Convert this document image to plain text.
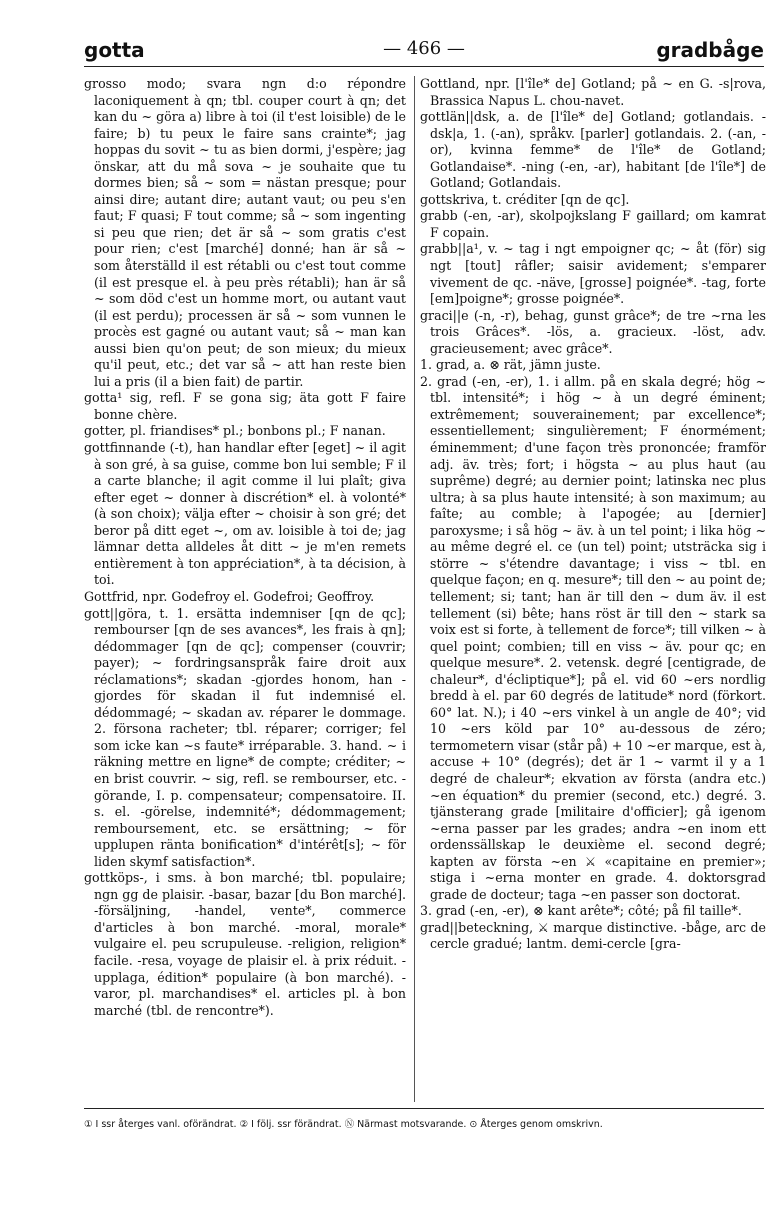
gotta	— 466 —	gradbåge

grosso modo; svara ngn d:o répondre laconiquement à qn; tbl. couper court à qn; det kan du ~ göra a) libre à toi (il t'est loisible) de le faire; b) tu peux le faire sans crainte*; jag hoppas du sovit ~ tu as bien dormi, j'espère; jag önskar, att du må sova ~ je souhaite que tu dormes bien; så ~ som = nästan presque; pour ainsi dire; autant dire; autant vaut; ou peu s'en faut; F quasi; F tout comme; så ~ som ingenting si peu que rien; det är så ~ som gratis c'est pour rien; c'est [marché] donné; han är så ~ som återställd il est rétabli ou c'est tout comme (il est presque el. à peu près rétabli); han är så ~ som död c'est un homme mort, ou autant vaut (il est perdu); processen är så ~ som vunnen le procès est gagné ou autant vaut; så ~ man kan aussi bien qu'on peut; de son mieux; du mieux qu'il peut, etc.; det var så ~ att han reste bien lui a pris (il a bien fait) de partir.

gotta¹ sig, refl. F se gona sig; äta gott F faire bonne chère.

gotter, pl. friandises* pl.; bonbons pl.; F nanan.

gottfinnande (-t), han handlar efter [eget] ~ il agit à son gré, à sa guise, comme bon lui semble; F il a carte blanche; il agit comme il lui plaît; giva efter eget ~ donner à discrétion* el. à volonté* (à son choix); välja efter ~ choisir à son gré; det beror på ditt eget ~, om av. loisible à toi de; jag lämnar detta alldeles åt ditt ~ je m'en remets entièrement à ton appréciation*, à ta décision, à toi.

Gottfrid, npr. Godefroy el. Godefroi; Geoffroy.

gott||göra, t. 1. ersätta indemniser [qn de qc]; rembourser [qn de ses avances*, les frais à qn]; dédommager [qn de qc]; compenser (couvrir; payer); ~ fordringsanspråk faire droit aux réclamations*; skadan -gjordes honom, han -gjordes för skadan il fut indemnisé el. dédommagé; ~ skadan av. réparer le dommage. 2. försona racheter; tbl. réparer; corriger; fel som icke kan ~s faute* irréparable. 3. hand. ~ i räkning mettre en ligne* de compte; créditer; ~ en brist couvrir. ~ sig, refl. se rembourser, etc. -görande, I. p. compensateur; compensatoire. II. s. el. -görelse, indemnité*; dédommagement; remboursement, etc. se ersättning; ~ för upplupen ränta bonification* d'intérêt[s]; ~ för liden skymf satisfaction*.

gottköps-, i sms. à bon marché; tbl. populaire; ngn gg de plaisir. -basar, bazar [du Bon marché]. -försäljning, -handel, vente*, commerce d'articles à bon marché. -moral, morale* vulgaire el. peu scrupuleuse. -religion, religion* facile. -resa, voyage de plaisir el. à prix réduit. -upplaga, édition* populaire (à bon marché). -varor, pl. marchandises* el. articles pl. à bon marché (tbl. de rencontre*).

Gottland, npr. [l'île* de] Gotland; på ~ en G. -s|rova, Brassica Napus L. chou-navet.

gottlän||dsk, a. de [l'île* de] Gotland; gotlandais. -dsk|a, 1. (-an), språkv. [parler] gotlandais. 2. (-an, -or), kvinna femme* de l'île* de Gotland; Gotlandaise*. -ning (-en, -ar), habitant [de l'île*] de Gotland; Gotlandais.

gottskriva, t. créditer [qn de qc].

grabb (-en, -ar), skolpojkslang F gaillard; om kamrat F copain.

grabb||a¹, v. ~ tag i ngt empoigner qc; ~ åt (för) sig ngt [tout] râfler; saisir avidement; s'emparer vivement de qc. -näve, [grosse] poignée*. -tag, forte [em]poigne*; grosse poignée*.

graci||e (-n, -r), behag, gunst grâce*; de tre ~rna les trois Grâces*. -lös, a. gracieux. -löst, adv. gracieusement; avec grâce*.

1. grad, a. ⊗ rät, jämn juste.

2. grad (-en, -er), 1. i allm. på en skala degré; hög ~ tbl. intensité*; i hög ~ à un degré éminent; extrêmement; souverainement; par excellence*; essentiellement; singulièrement; F énormément; éminemment; d'une façon très prononcée; framför adj. äv. très; fort; i högsta ~ au plus haut (au suprême) degré; au dernier point; latinska nec plus ultra; à sa plus haute intensité; à son maximum; au faîte; au comble; à l'apogée; au [dernier] paroxysme; i så hög ~ äv. à un tel point; i lika hög ~ au même degré el. ce (un tel) point; utsträcka sig i större ~ s'étendre davantage; i viss ~ tbl. en quelque façon; en q. mesure*; till den ~ au point de; tellement; si; tant; han är till den ~ dum äv. il est tellement (si) bête; hans röst är till den ~ stark sa voix est si forte, à tellement de force*; till vilken ~ à quel point; combien; till en viss ~ äv. pour qc; en quelque mesure*. 2. vetensk. degré [centigrade, de chaleur*, d'écliptique*]; på el. vid 60 ~ers nordlig bredd à el. par 60 degrés de latitude* nord (förkort. 60° lat. N.); i 40 ~ers vinkel à un angle de 40°; vid 10 ~ers köld par 10° au-dessous de zéro; termometern visar (står på) + 10 ~er marque, est à, accuse + 10° (degrés); det är 1 ~ varmt il y a 1 degré de chaleur*; ekvation av första (andra etc.) ~en équation* du premier (second, etc.) degré. 3. tjänsterang grade [militaire d'officier]; gå igenom ~erna passer par les grades; andra ~en inom ett ordenssällskap le deuxième el. second degré; kapten av första ~en ⚔ «capitaine en premier»; stiga i ~erna monter en grade. 4. doktorsgrad grade de docteur; taga ~en passer son doctorat.

3. grad (-en, -er), ⊗ kant arête*; côté; på fil taille*.

grad||beteckning, ⚔ marque distinctive. -båge, arc de cercle gradué; lantm. demi-cercle [gra-

① I ssr återges vanl. oförändrat. ② I följ. ssr förändrat. Ⓝ Närmast motsvarande. ⊙ Återges genom omskrivn.
